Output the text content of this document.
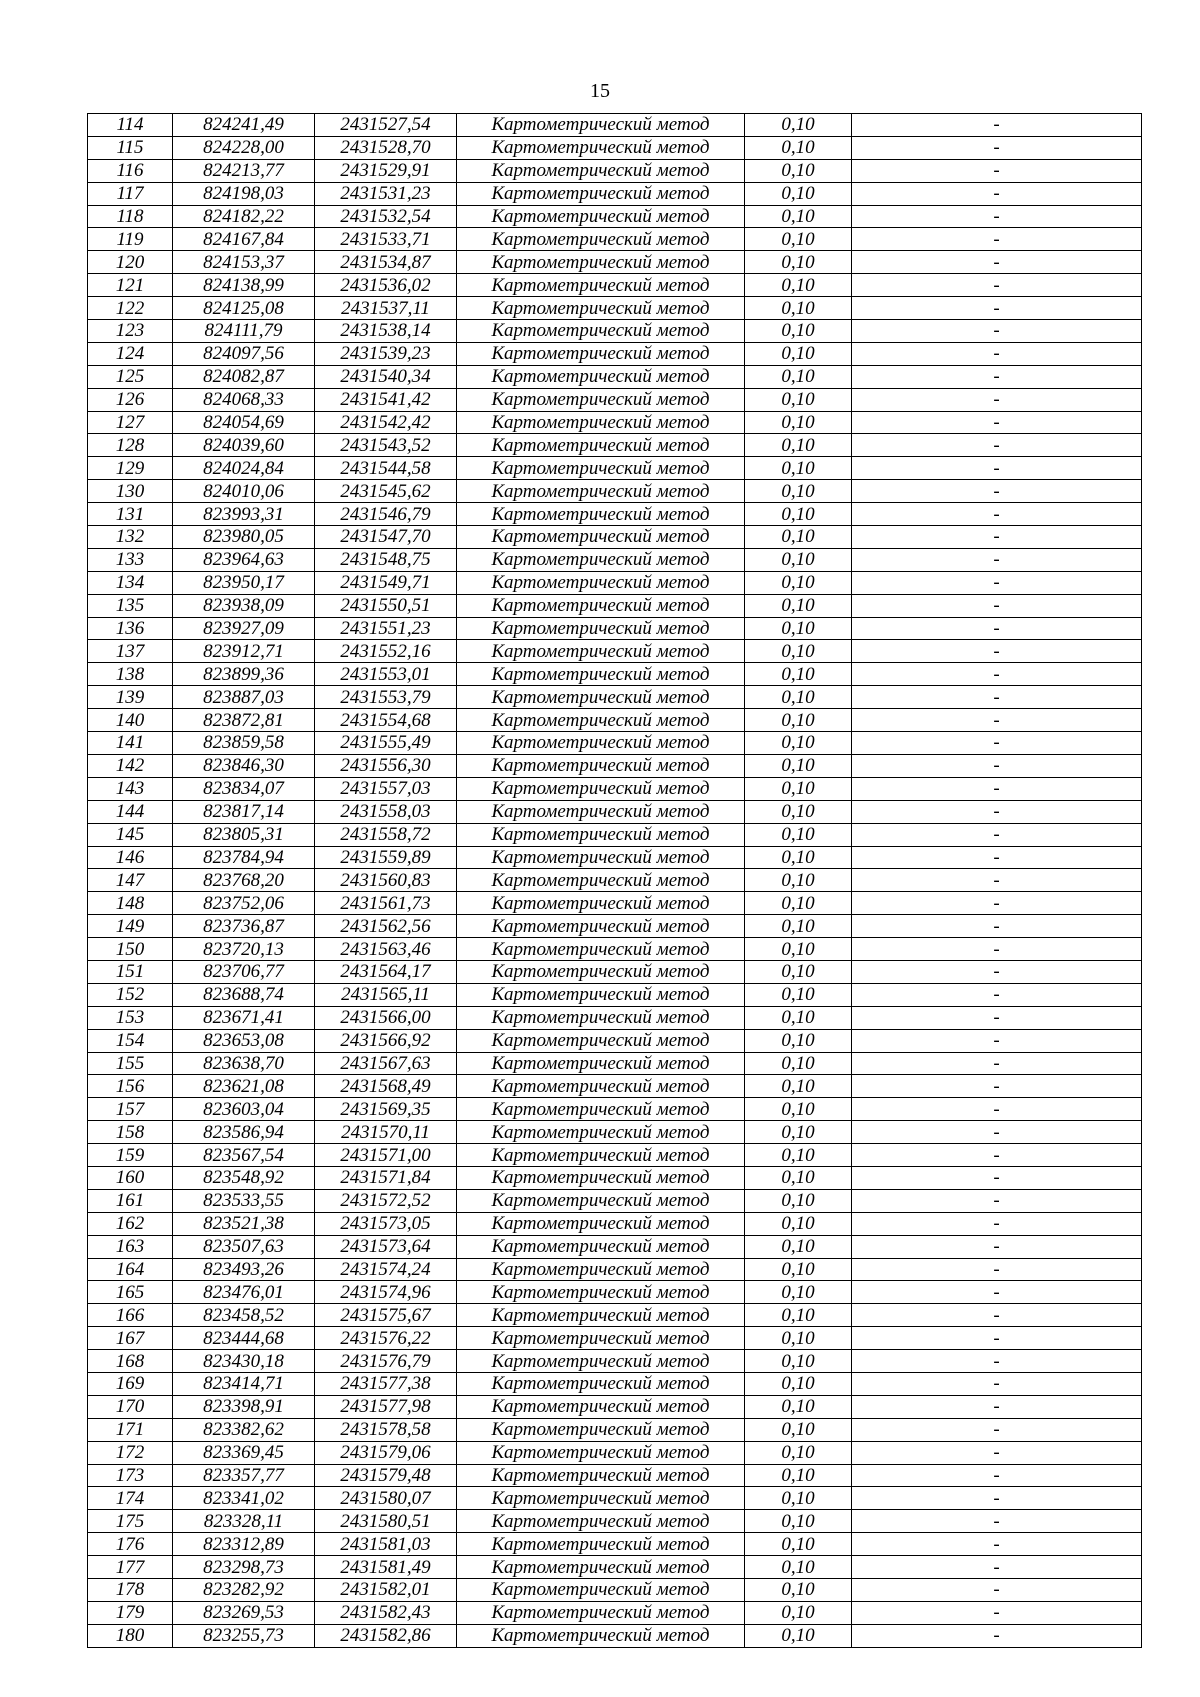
15
114	824241,49	2431527,54	Картометрический метод	0,10	-
115	824228,00	2431528,70	Картометрический метод	0,10	-
116	824213,77	2431529,91	Картометрический метод	0,10	-
117	824198,03	2431531,23	Картометрический метод	0,10	-
118	824182,22	2431532,54	Картометрический метод	0,10	-
119	824167,84	2431533,71	Картометрический метод	0,10	-
120	824153,37	2431534,87	Картометрический метод	0,10	-
121	824138,99	2431536,02	Картометрический метод	0,10	-
122	824125,08	2431537,11	Картометрический метод	0,10	-
123	824111,79	2431538,14	Картометрический метод	0,10	-
124	824097,56	2431539,23	Картометрический метод	0,10	-
125	824082,87	2431540,34	Картометрический метод	0,10	-
126	824068,33	2431541,42	Картометрический метод	0,10	-
127	824054,69	2431542,42	Картометрический метод	0,10	-
128	824039,60	2431543,52	Картометрический метод	0,10	-
129	824024,84	2431544,58	Картометрический метод	0,10	-
130	824010,06	2431545,62	Картометрический метод	0,10	-
131	823993,31	2431546,79	Картометрический метод	0,10	-
132	823980,05	2431547,70	Картометрический метод	0,10	-
133	823964,63	2431548,75	Картометрический метод	0,10	-
134	823950,17	2431549,71	Картометрический метод	0,10	-
135	823938,09	2431550,51	Картометрический метод	0,10	-
136	823927,09	2431551,23	Картометрический метод	0,10	-
137	823912,71	2431552,16	Картометрический метод	0,10	-
138	823899,36	2431553,01	Картометрический метод	0,10	-
139	823887,03	2431553,79	Картометрический метод	0,10	-
140	823872,81	2431554,68	Картометрический метод	0,10	-
141	823859,58	2431555,49	Картометрический метод	0,10	-
142	823846,30	2431556,30	Картометрический метод	0,10	-
143	823834,07	2431557,03	Картометрический метод	0,10	-
144	823817,14	2431558,03	Картометрический метод	0,10	-
145	823805,31	2431558,72	Картометрический метод	0,10	-
146	823784,94	2431559,89	Картометрический метод	0,10	-
147	823768,20	2431560,83	Картометрический метод	0,10	-
148	823752,06	2431561,73	Картометрический метод	0,10	-
149	823736,87	2431562,56	Картометрический метод	0,10	-
150	823720,13	2431563,46	Картометрический метод	0,10	-
151	823706,77	2431564,17	Картометрический метод	0,10	-
152	823688,74	2431565,11	Картометрический метод	0,10	-
153	823671,41	2431566,00	Картометрический метод	0,10	-
154	823653,08	2431566,92	Картометрический метод	0,10	-
155	823638,70	2431567,63	Картометрический метод	0,10	-
156	823621,08	2431568,49	Картометрический метод	0,10	-
157	823603,04	2431569,35	Картометрический метод	0,10	-
158	823586,94	2431570,11	Картометрический метод	0,10	-
159	823567,54	2431571,00	Картометрический метод	0,10	-
160	823548,92	2431571,84	Картометрический метод	0,10	-
161	823533,55	2431572,52	Картометрический метод	0,10	-
162	823521,38	2431573,05	Картометрический метод	0,10	-
163	823507,63	2431573,64	Картометрический метод	0,10	-
164	823493,26	2431574,24	Картометрический метод	0,10	-
165	823476,01	2431574,96	Картометрический метод	0,10	-
166	823458,52	2431575,67	Картометрический метод	0,10	-
167	823444,68	2431576,22	Картометрический метод	0,10	-
168	823430,18	2431576,79	Картометрический метод	0,10	-
169	823414,71	2431577,38	Картометрический метод	0,10	-
170	823398,91	2431577,98	Картометрический метод	0,10	-
171	823382,62	2431578,58	Картометрический метод	0,10	-
172	823369,45	2431579,06	Картометрический метод	0,10	-
173	823357,77	2431579,48	Картометрический метод	0,10	-
174	823341,02	2431580,07	Картометрический метод	0,10	-
175	823328,11	2431580,51	Картометрический метод	0,10	-
176	823312,89	2431581,03	Картометрический метод	0,10	-
177	823298,73	2431581,49	Картометрический метод	0,10	-
178	823282,92	2431582,01	Картометрический метод	0,10	-
179	823269,53	2431582,43	Картометрический метод	0,10	-
180	823255,73	2431582,86	Картометрический метод	0,10	-
